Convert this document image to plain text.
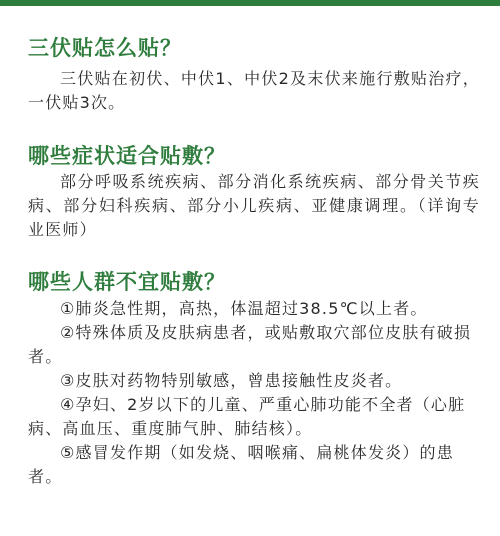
三伏贴怎么贴？
三伏贴在初伏、中伏1、中伏2及末伏来施行敷贴治疗，一伏贴3次。
哪些症状适合贴敷？
部分呼吸系统疾病、部分消化系统疾病、部分骨关节疾病、部分妇科疾病、部分小儿疾病、亚健康调理。（详询专业医师）
哪些人群不宜贴敷？

①肺炎急性期，高热，体温超过38.5℃以上者。

②特殊体质及皮肤病患者，或贴敷取穴部位皮肤有破损者。

③皮肤对药物特别敏感，曾患接触性皮炎者。

④孕妇、2岁以下的儿童、严重心肺功能不全者（心脏病、高血压、重度肺气肿、肺结核）。

⑤感冒发作期（如发烧、咽喉痛、扁桃体发炎）的患者。
